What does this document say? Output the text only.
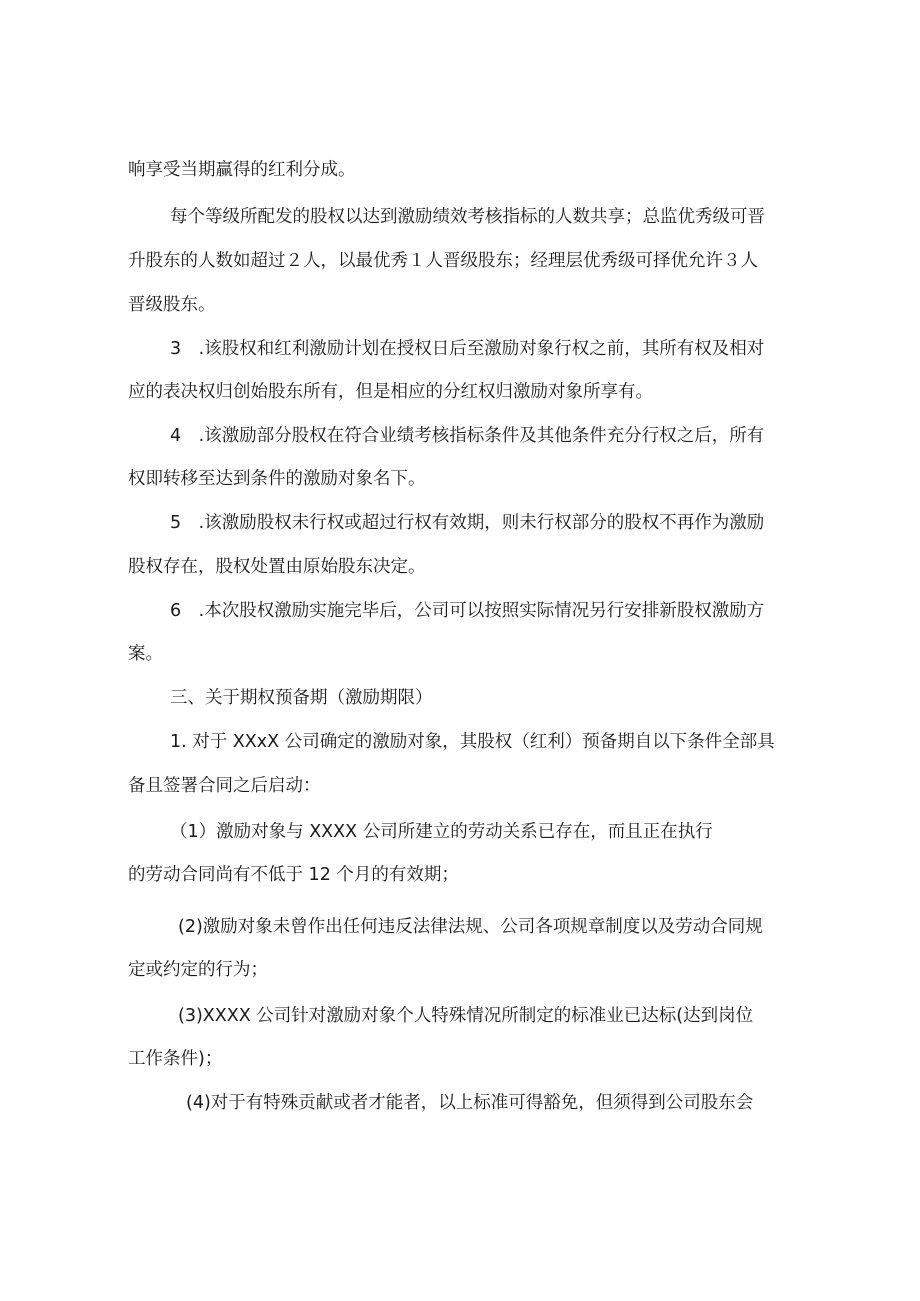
响享受当期赢得的红利分成。
每个等级所配发的股权以达到激励绩效考核指标的人数共享；总监优秀级可晋
升股东的人数如超过２人，以最优秀１人晋级股东；经理层优秀级可择优允许３人
晋级股东。
3　.该股权和红利激励计划在授权日后至激励对象行权之前，其所有权及相对
应的表决权归创始股东所有，但是相应的分红权归激励对象所享有。
4　.该激励部分股权在符合业绩考核指标条件及其他条件充分行权之后，所有
权即转移至达到条件的激励对象名下。
5　.该激励股权未行权或超过行权有效期，则未行权部分的股权不再作为激励
股权存在，股权处置由原始股东决定。
6　.本次股权激励实施完毕后，公司可以按照实际情况另行安排新股权激励方
案。
三、关于期权预备期（激励期限）
1. 对于 XXxX 公司确定的激励对象，其股权（红利）预备期自以下条件全部具
备且签署合同之后启动：
（1）激励对象与 XXXX 公司所建立的劳动关系已存在，而且正在执行
的劳动合同尚有不低于 12 个月的有效期；
(2)激励对象未曾作出任何违反法律法规、公司各项规章制度以及劳动合同规
定或约定的行为；
(3)XXXX 公司针对激励对象个人特殊情况所制定的标准业已达标(达到岗位
工作条件)；
(4)对于有特殊贡献或者才能者，以上标准可得豁免，但须得到公司股东会
